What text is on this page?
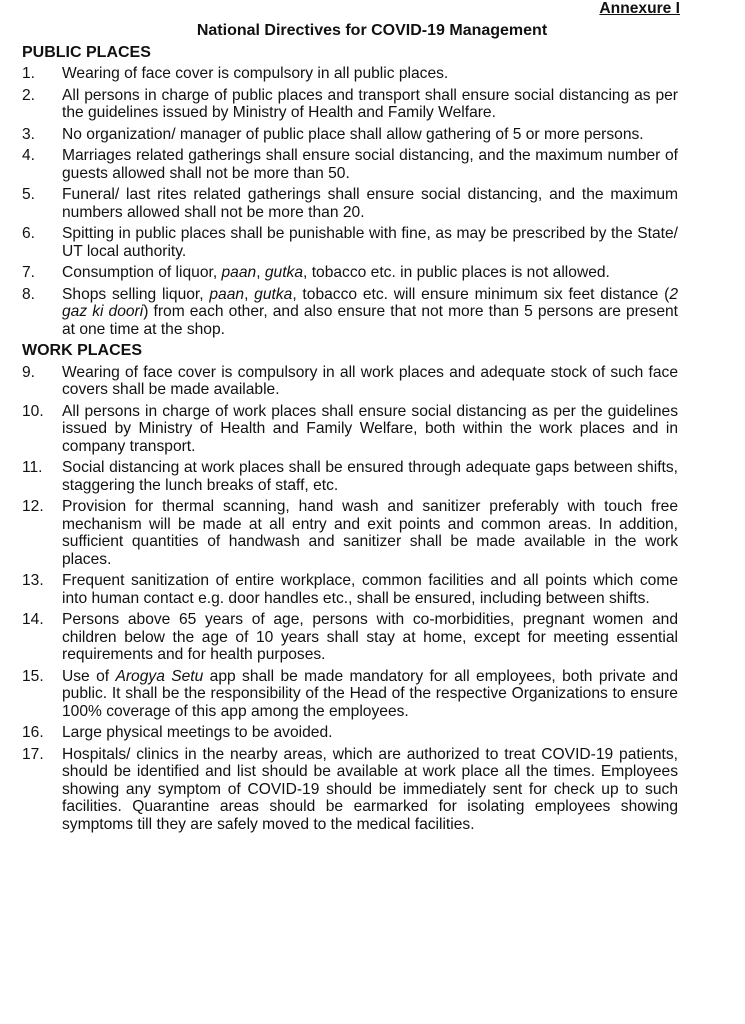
Annexure I
National Directives for COVID-19 Management
PUBLIC PLACES
1.	Wearing of face cover is compulsory in all public places.
2.	All persons in charge of public places and transport shall ensure social distancing as per the guidelines issued by Ministry of Health and Family Welfare.
3.	No organization/ manager of public place shall allow gathering of 5 or more persons.
4.	Marriages related gatherings shall ensure social distancing, and the maximum number of guests allowed shall not be more than 50.
5.	Funeral/ last rites related gatherings shall ensure social distancing, and the maximum numbers allowed shall not be more than 20.
6.	Spitting in public places shall be punishable with fine, as may be prescribed by the State/ UT local authority.
7.	Consumption of liquor, paan, gutka, tobacco etc. in public places is not allowed.
8.	Shops selling liquor, paan, gutka, tobacco etc. will ensure minimum six feet distance (2 gaz ki doori) from each other, and also ensure that not more than 5 persons are present at one time at the shop.
WORK PLACES
9.	Wearing of face cover is compulsory in all work places and adequate stock of such face covers shall be made available.
10.	All persons in charge of work places shall ensure social distancing as per the guidelines issued by Ministry of Health and Family Welfare, both within the work places and in company transport.
11.	Social distancing at work places shall be ensured through adequate gaps between shifts, staggering the lunch breaks of staff, etc.
12.	Provision for thermal scanning, hand wash and sanitizer preferably with touch free mechanism will be made at all entry and exit points and common areas. In addition, sufficient quantities of handwash and sanitizer shall be made available in the work places.
13.	Frequent sanitization of entire workplace, common facilities and all points which come into human contact e.g. door handles etc., shall be ensured, including between shifts.
14.	Persons above 65 years of age, persons with co-morbidities, pregnant women and children below the age of 10 years shall stay at home, except for meeting essential requirements and for health purposes.
15.	Use of Arogya Setu app shall be made mandatory for all employees, both private and public. It shall be the responsibility of the Head of the respective Organizations to ensure 100% coverage of this app among the employees.
16.	Large physical meetings to be avoided.
17.	Hospitals/ clinics in the nearby areas, which are authorized to treat COVID-19 patients, should be identified and list should be available at work place all the times. Employees showing any symptom of COVID-19 should be immediately sent for check up to such facilities. Quarantine areas should be earmarked for isolating employees showing symptoms till they are safely moved to the medical facilities.
